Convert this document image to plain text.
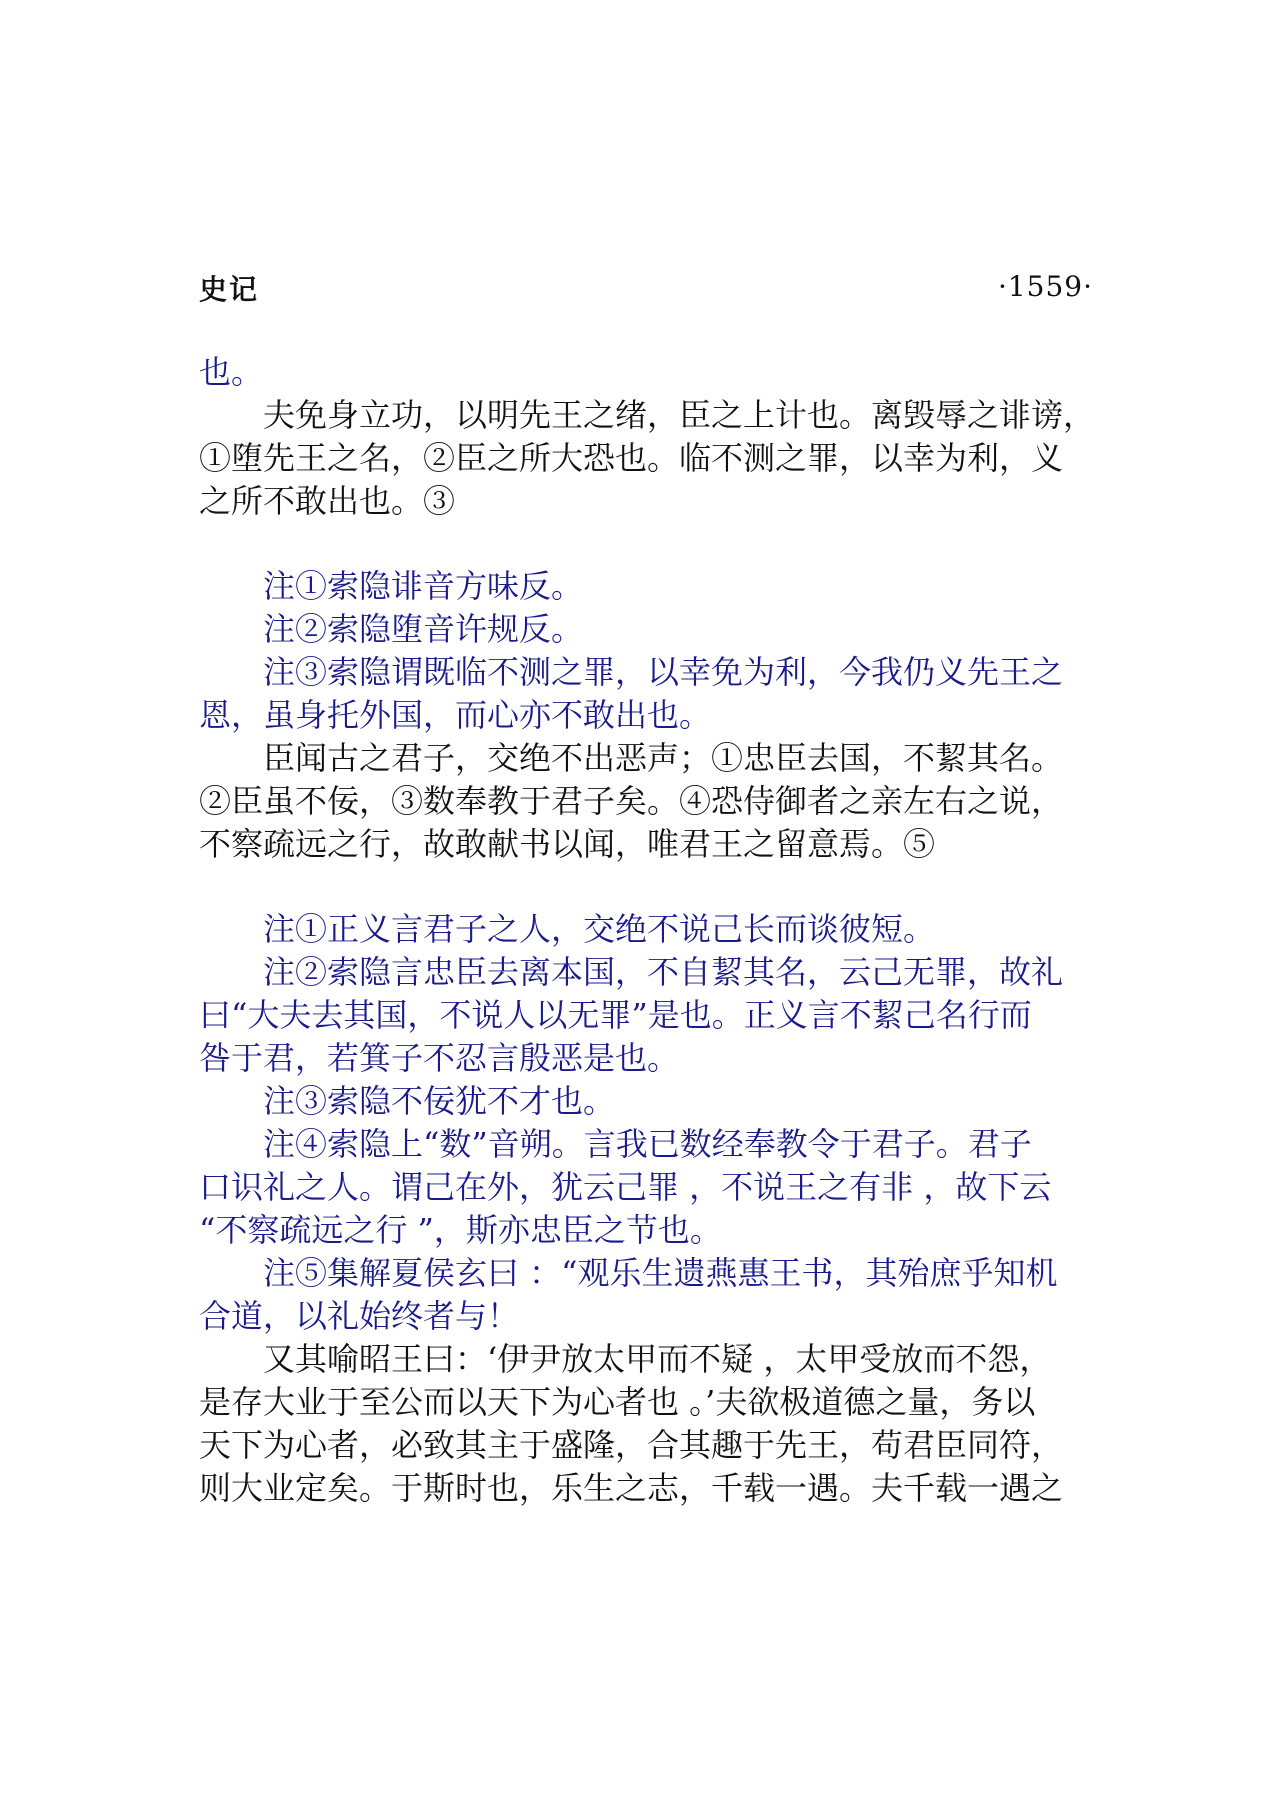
史记	·1559·
也。
夫免身立功，以明先王之绪，臣之上计也。离毁辱之诽谤，
①堕先王之名，②臣之所大恐也。临不测之罪，以幸为利，义
之所不敢出也。③
注①索隐诽音方味反。
注②索隐堕音许规反。
注③索隐谓既临不测之罪，以幸免为利，今我仍义先王之
恩，虽身托外国，而心亦不敢出也。
臣闻古之君子，交绝不出恶声；①忠臣去国，不絜其名。
②臣虽不佞，③数奉教于君子矣。④恐侍御者之亲左右之说，
不察疏远之行，故敢献书以闻，唯君王之留意焉。⑤
注①正义言君子之人，交绝不说己长而谈彼短。
注②索隐言忠臣去离本国，不自絜其名，云己无罪，故礼
曰“大夫去其国，不说人以无罪”是也。正义言不絜己名行而
咎于君，若箕子不忍言殷恶是也。
注③索隐不佞犹不才也。
注④索隐上“数”音朔。言我已数经奉教令于君子。君子
口识礼之人。谓己在外，犹云己罪 ，不说王之有非 ，故下云
“不察疏远之行 ”，斯亦忠臣之节也。
注⑤集解夏侯玄曰 ：“观乐生遗燕惠王书，其殆庶乎知机
合道，以礼始终者与！
又其喻昭王曰：‘伊尹放太甲而不疑 ，太甲受放而不怨，
是存大业于至公而以天下为心者也 。’夫欲极道德之量，务以
天下为心者，必致其主于盛隆，合其趣于先王，苟君臣同符，
则大业定矣。于斯时也，乐生之志，千载一遇。夫千载一遇之
